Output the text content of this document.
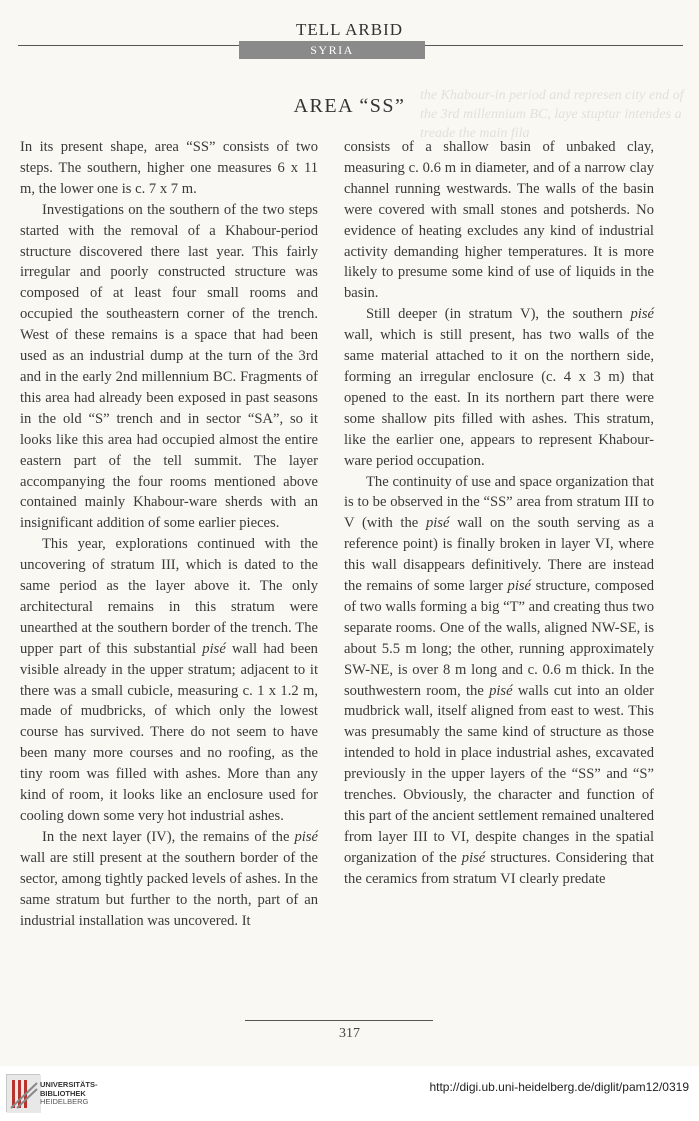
TELL ARBID
SYRIA
the Khabour-in period and represen city end of the 3rd millennium BC, laye stuptur intendes a treade the main fila
AREA “SS”

In its present shape, area “SS” consists of two steps. The southern, higher one measures 6 x 11 m, the lower one is c. 7 x 7 m.

Investigations on the southern of the two steps started with the removal of a Khabour-period structure discovered there last year. This fairly irregular and poorly constructed structure was composed of at least four small rooms and occupied the southeastern corner of the trench. West of these remains is a space that had been used as an industrial dump at the turn of the 3rd and in the early 2nd millennium BC. Fragments of this area had already been exposed in past seasons in the old “S” trench and in sector “SA”, so it looks like this area had occupied almost the entire eastern part of the tell summit. The layer accompanying the four rooms mentioned above contained mainly Khabour-ware sherds with an insignificant addition of some earlier pieces.

This year, explorations continued with the uncovering of stratum III, which is dated to the same period as the layer above it. The only architectural remains in this stratum were unearthed at the southern border of the trench. The upper part of this substantial pisé wall had been visible already in the upper stratum; adjacent to it there was a small cubicle, measuring c. 1 x 1.2 m, made of mudbricks, of which only the lowest course has survived. There do not seem to have been many more courses and no roofing, as the tiny room was filled with ashes. More than any kind of room, it looks like an enclosure used for cooling down some very hot industrial ashes.

In the next layer (IV), the remains of the pisé wall are still present at the southern border of the sector, among tightly packed levels of ashes. In the same stratum but further to the north, part of an industrial installation was uncovered. It

consists of a shallow basin of unbaked clay, measuring c. 0.6 m in diameter, and of a narrow clay channel running westwards. The walls of the basin were covered with small stones and potsherds. No evidence of heating excludes any kind of industrial activity demanding higher temperatures. It is more likely to presume some kind of use of liquids in the basin.

Still deeper (in stratum V), the southern pisé wall, which is still present, has two walls of the same material attached to it on the northern side, forming an irregular enclosure (c. 4 x 3 m) that opened to the east. In its northern part there were some shallow pits filled with ashes. This stratum, like the earlier one, appears to represent Khabour-ware period occupation.

The continuity of use and space organization that is to be observed in the “SS” area from stratum III to V (with the pisé wall on the south serving as a reference point) is finally broken in layer VI, where this wall disappears definitively. There are instead the remains of some larger pisé structure, composed of two walls forming a big “T” and creating thus two separate rooms. One of the walls, aligned NW-SE, is about 5.5 m long; the other, running approximately SW-NE, is over 8 m long and c. 0.6 m thick. In the southwestern room, the pisé walls cut into an older mudbrick wall, itself aligned from east to west. This was presumably the same kind of structure as those intended to hold in place industrial ashes, excavated previously in the upper layers of the “SS” and “S” trenches. Obviously, the character and function of this part of the ancient settlement remained unaltered from layer III to VI, despite changes in the spatial organization of the pisé structures. Considering that the ceramics from stratum VI clearly predate

317
UNIVERSITÄTS-
BIBLIOTHEK
HEIDELBERG
http://digi.ub.uni-heidelberg.de/diglit/pam12/0319
